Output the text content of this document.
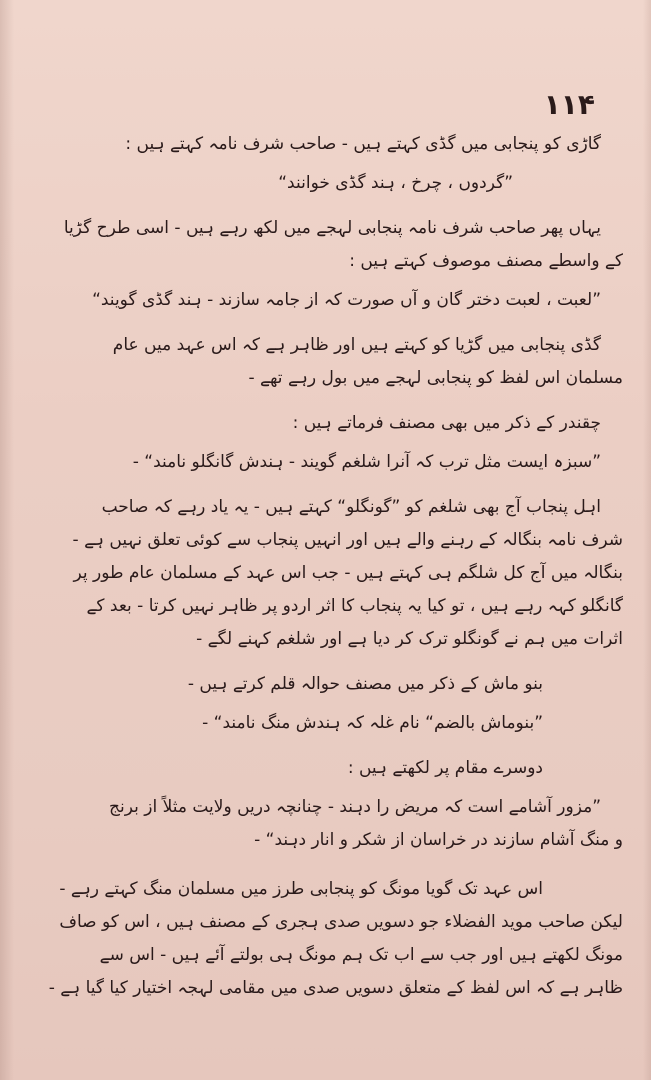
۱۱۴

گاڑی کو پنجابی میں گڈی کہتے ہیں - صاحب شرف نامہ کہتے ہیں :

”گردوں ، چرخ ، ہند گڈی خوانند“

یہاں پھر صاحب شرف نامہ پنجابی لہجے میں لکھ رہے ہیں - اسی طرح گڑیا

کے واسطے مصنف موصوف کہتے ہیں :

”لعبت ، لعبت دختر گان و آں صورت کہ از جامہ سازند - ہند گڈی گویند“

گڈی پنجابی میں گڑیا کو کہتے ہیں اور ظاہر ہے کہ اس عہد میں عام

مسلمان اس لفظ کو پنجابی لہجے میں بول رہے تھے -

چقندر کے ذکر میں بھی مصنف فرماتے ہیں :

”سبزہ ایست مثل ترب کہ آنرا شلغم گویند - ہندش گانگلو نامند“ -

اہل پنجاب آج بھی شلغم کو ”گونگلو“ کہتے ہیں - یہ یاد رہے کہ صاحب

شرف نامہ بنگالہ کے رہنے والے ہیں اور انہیں پنجاب سے کوئی تعلق نہیں ہے -

بنگالہ میں آج کل شلگم ہی کہتے ہیں - جب اس عہد کے مسلمان عام طور پر

گانگلو کہہ رہے ہیں ، تو کیا یہ پنجاب کا اثر اردو پر ظاہر نہیں کرتا - بعد کے

اثرات میں ہم نے گونگلو ترک کر دیا ہے اور شلغم کہنے لگے -

بنو ماش کے ذکر میں مصنف حوالہ قلم کرتے ہیں -

”بنوماش بالضم“ نام غلہ کہ ہندش منگ نامند“ -

دوسرے مقام پر لکھتے ہیں :

”مزور آشامے است کہ مریض را دہند - چنانچہ دریں ولایت مثلاً از برنج

و منگ آشام سازند در خراسان از شکر و انار دہند“ -

اس عہد تک گویا مونگ کو پنجابی طرز میں مسلمان منگ کہتے رہے -

لیکن صاحب موید الفضلاء جو دسویں صدی ہجری کے مصنف ہیں ، اس کو صاف

مونگ لکھتے ہیں اور جب سے اب تک ہم مونگ ہی بولتے آئے ہیں - اس سے

ظاہر ہے کہ اس لفظ کے متعلق دسویں صدی میں مقامی لہجہ اختیار کیا گیا ہے -
